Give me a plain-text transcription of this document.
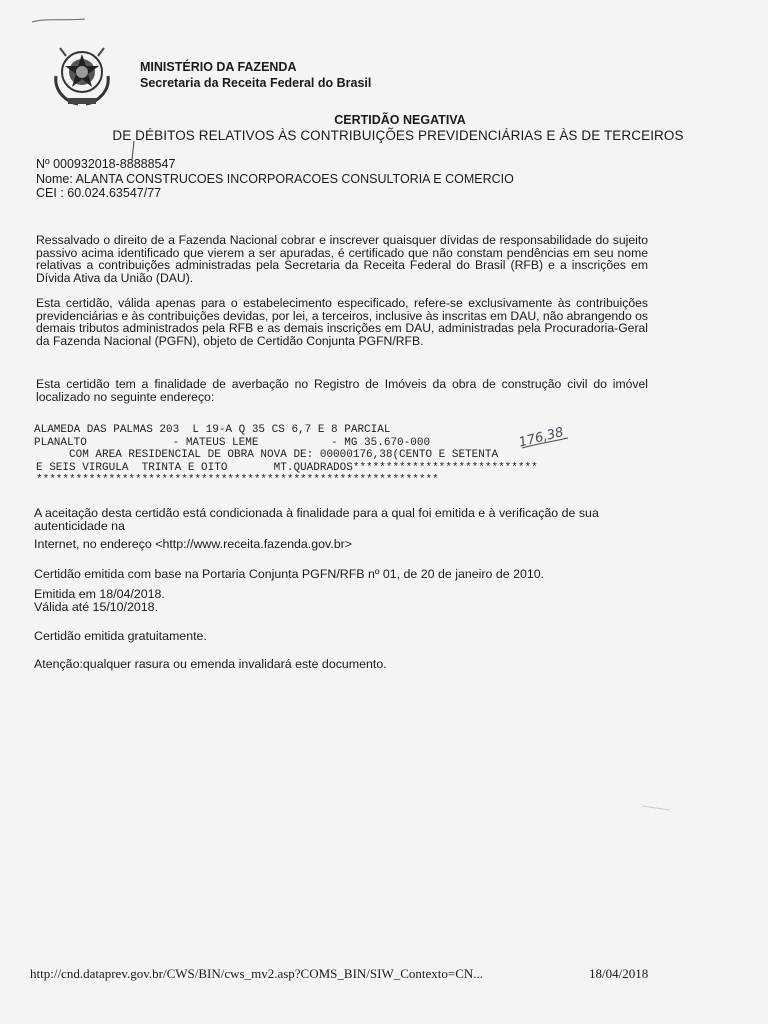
MINISTÉRIO DA FAZENDA
Secretaria da Receita Federal do Brasil
CERTIDÃO NEGATIVA
DE DÉBITOS RELATIVOS ÀS CONTRIBUIÇÕES PREVIDENCIÁRIAS E ÀS DE TERCEIROS
Nº 000932018-88888547
Nome: ALANTA CONSTRUCOES INCORPORACOES CONSULTORIA E COMERCIO
CEI : 60.024.63547/77
Ressalvado o direito de a Fazenda Nacional cobrar e inscrever quaisquer dívidas de responsabilidade do sujeito passivo acima identificado que vierem a ser apuradas, é certificado que não constam pendências em seu nome relativas a contribuições administradas pela Secretaria da Receita Federal do Brasil (RFB) e a inscrições em Dívida Ativa da União (DAU).
Esta certidão, válida apenas para o estabelecimento especificado, refere-se exclusivamente às contribuições previdenciárias e às contribuições devidas, por lei, a terceiros, inclusive às inscritas em DAU, não abrangendo os demais tributos administrados pela RFB e as demais inscrições em DAU, administradas pela Procuradoria-Geral da Fazenda Nacional (PGFN), objeto de Certidão Conjunta PGFN/RFB.
Esta certidão tem a finalidade de averbação no Registro de Imóveis da obra de construção civil do imóvel localizado no seguinte endereço:
ALAMEDA DAS PALMAS 203  L 19-A Q 35 CS 6,7 E 8 PARCIAL
PLANALTO             - MATEUS LEME           - MG 35.670-000
COM AREA RESIDENCIAL DE OBRA NOVA DE: 00000176,38(CENTO E SETENTA
E SEIS VIRGULA  TRINTA E OITO       MT.QUADRADOS****************************
*************************************************************
176,38
A aceitação desta certidão está condicionada à finalidade para a qual foi emitida e à verificação de sua autenticidade na
Internet, no endereço <http://www.receita.fazenda.gov.br>
Certidão emitida com base na Portaria Conjunta PGFN/RFB nº 01, de 20 de janeiro de 2010.
Emitida em 18/04/2018.
Válida até 15/10/2018.
Certidão emitida gratuitamente.
Atenção:qualquer rasura ou emenda invalidará este documento.
http://cnd.dataprev.gov.br/CWS/BIN/cws_mv2.asp?COMS_BIN/SIW_Contexto=CN...	18/04/2018
